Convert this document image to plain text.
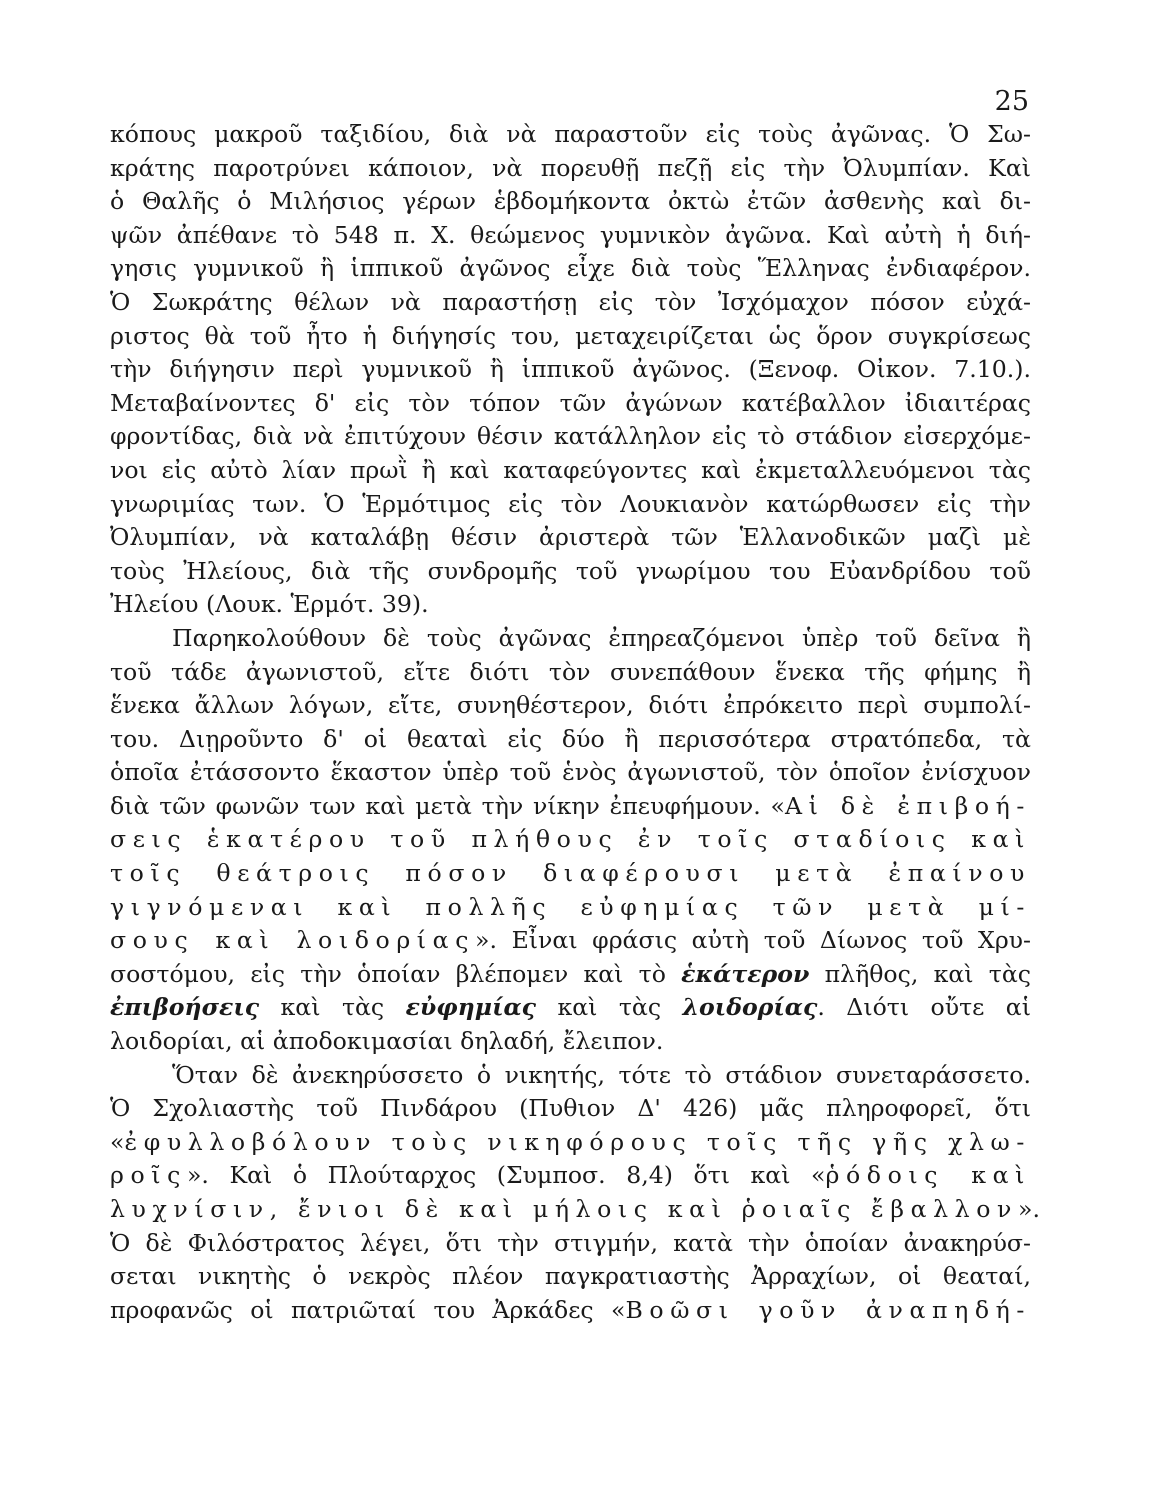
25
κόπους μακροῦ ταξιδίου, διὰ νὰ παραστοῦν εἰς τοὺς ἀγῶνας. Ὁ Σω-
κράτης παροτρύνει κάποιον, νὰ πορευθῇ πεζῇ εἰς τὴν Ὀλυμπίαν. Καὶ
ὁ Θαλῆς ὁ Μιλήσιος γέρων ἑβδομήκοντα ὀκτὼ ἐτῶν ἀσθενὴς καὶ δι-
ψῶν ἀπέθανε τὸ 548 π. Χ. θεώμενος γυμνικὸν ἀγῶνα. Καὶ αὐτὴ ἡ διή-
γησις γυμνικοῦ ἢ ἱππικοῦ ἀγῶνος εἶχε διὰ τοὺς Ἕλληνας ἐνδιαφέρον.
Ὁ Σωκράτης θέλων νὰ παραστήσῃ εἰς τὸν Ἰσχόμαχον πόσον εὐχά-
ριστος θὰ τοῦ ἦτο ἡ διήγησίς του, μεταχειρίζεται ὡς ὅρον συγκρίσεως
τὴν διήγησιν περὶ γυμνικοῦ ἢ ἱππικοῦ ἀγῶνος. (Ξενοφ. Οἰκον. 7.10.).
Μεταβαίνοντες δ' εἰς τὸν τόπον τῶν ἀγώνων κατέβαλλον ἰδιαιτέρας
φροντίδας, διὰ νὰ ἐπιτύχουν θέσιν κατάλληλον εἰς τὸ στάδιον εἰσερχόμε-
νοι εἰς αὐτὸ λίαν πρωῒ ἢ καὶ καταφεύγοντες καὶ ἐκμεταλλευόμενοι τὰς
γνωριμίας των. Ὁ Ἑρμότιμος εἰς τὸν Λουκιανὸν κατώρθωσεν εἰς τὴν
Ὀλυμπίαν, νὰ καταλάβῃ θέσιν ἀριστερὰ τῶν Ἑλλανοδικῶν μαζὶ μὲ
τοὺς Ἠλείους, διὰ τῆς συνδρομῆς τοῦ γνωρίμου του Εὐανδρίδου τοῦ
Ἠλείου (Λουκ. Ἑρμότ. 39).
Παρηκολούθουν δὲ τοὺς ἀγῶνας ἐπηρεαζόμενοι ὑπὲρ τοῦ δεῖνα ἢ
τοῦ τάδε ἀγωνιστοῦ, εἴτε διότι τὸν συνεπάθουν ἕνεκα τῆς φήμης ἢ
ἕνεκα ἄλλων λόγων, εἴτε, συνηθέστερον, διότι ἐπρόκειτο περὶ συμπολί-
του. Διῃροῦντο δ' οἱ θεαταὶ εἰς δύο ἢ περισσότερα στρατόπεδα, τὰ
ὁποῖα ἐτάσσοντο ἕκαστον ὑπὲρ τοῦ ἑνὸς ἀγωνιστοῦ, τὸν ὁποῖον ἐνίσχυον
διὰ τῶν φωνῶν των καὶ μετὰ τὴν νίκην ἐπευφήμουν. «Αἱ δὲ ἐπιβοή-
σεις ἑκατέρου τοῦ πλήθους ἐν τοῖς σταδίοις καὶ
τοῖς θεάτροις πόσον διαφέρουσι μετὰ ἐπαίνου
γιγνόμεναι καὶ πολλῆς εὐφημίας τῶν μετὰ μί-
σους καὶ λοιδορίας». Εἶναι φράσις αὐτὴ τοῦ Δίωνος τοῦ Χρυ-
σοστόμου, εἰς τὴν ὁποίαν βλέπομεν καὶ τὸ ἑκάτερον πλῆθος, καὶ τὰς
ἐπιβοήσεις καὶ τὰς εὐφημίας καὶ τὰς λοιδορίας. Διότι οὔτε αἱ
λοιδορίαι, αἱ ἀποδοκιμασίαι δηλαδή, ἔλειπον.
Ὅταν δὲ ἀνεκηρύσσετο ὁ νικητής, τότε τὸ στάδιον συνεταράσσετο.
Ὁ Σχολιαστὴς τοῦ Πινδάρου (Πυθιον Δ' 426) μᾶς πληροφορεῖ, ὅτι
«ἐφυλλοβόλουν τοὺς νικηφόρους τοῖς τῆς γῆς χλω-
ροῖς». Καὶ ὁ Πλούταρχος (Συμποσ. 8,4) ὅτι καὶ «ῥόδοις καὶ
λυχνίσιν, ἔνιοι δὲ καὶ μήλοις καὶ ῥοιαῖς ἔβαλλον».
Ὁ δὲ Φιλόστρατος λέγει, ὅτι τὴν στιγμήν, κατὰ τὴν ὁποίαν ἀνακηρύσ-
σεται νικητὴς ὁ νεκρὸς πλέον παγκρατιαστὴς Ἀρραχίων, οἱ θεαταί,
προφανῶς οἱ πατριῶταί του Ἀρκάδες «Βοῶσι γοῦν ἀναπηδή-
